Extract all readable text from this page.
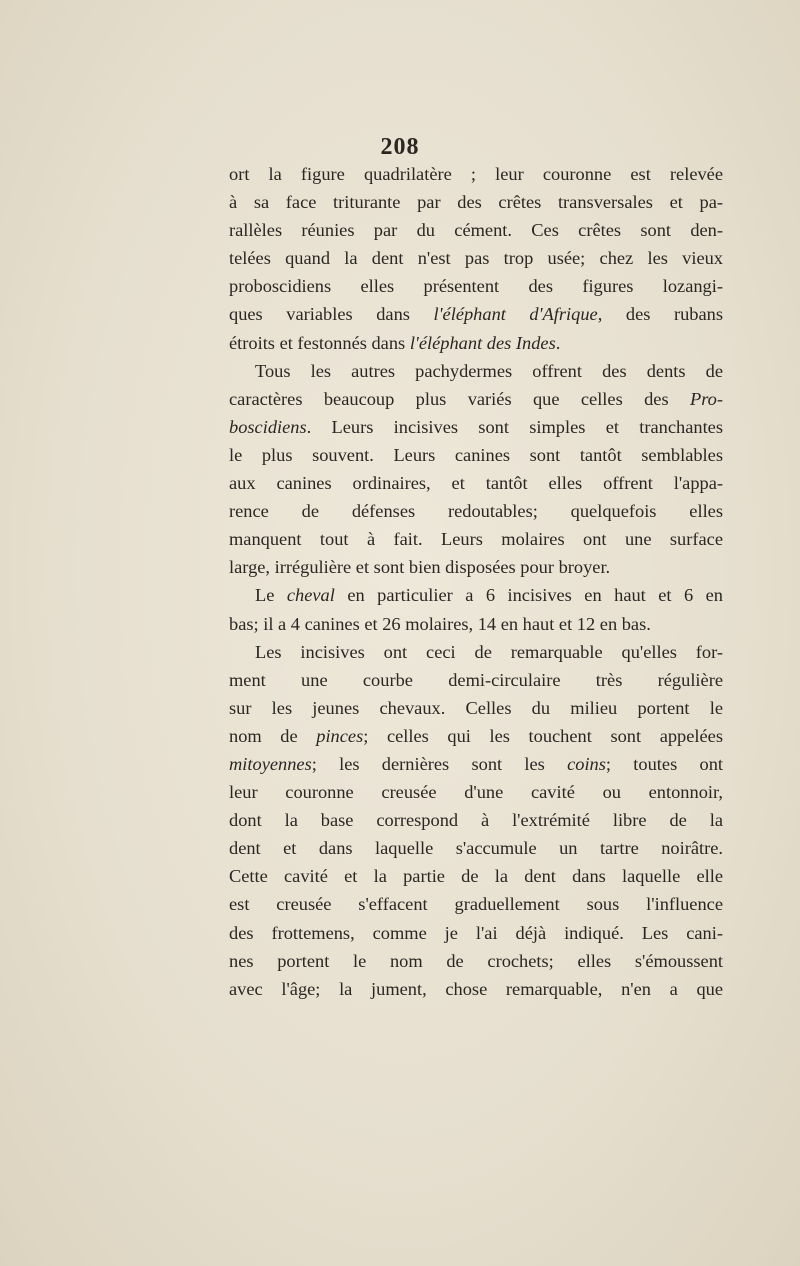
208
ort la figure quadrilatère ; leur couronne est relevée
à sa face triturante par des crêtes transversales et pa-
rallèles réunies par du cément. Ces crêtes sont den-
telées quand la dent n'est pas trop usée; chez les vieux
proboscidiens elles présentent des figures lozangi-
ques variables dans l'éléphant d'Afrique, des rubans
étroits et festonnés dans l'éléphant des Indes.
Tous les autres pachydermes offrent des dents de
caractères beaucoup plus variés que celles des Pro-
boscidiens. Leurs incisives sont simples et tranchantes
le plus souvent. Leurs canines sont tantôt semblables
aux canines ordinaires, et tantôt elles offrent l'appa-
rence de défenses redoutables; quelquefois elles
manquent tout à fait. Leurs molaires ont une surface
large, irrégulière et sont bien disposées pour broyer.
Le cheval en particulier a 6 incisives en haut et 6 en
bas; il a 4 canines et 26 molaires, 14 en haut et 12 en bas.
Les incisives ont ceci de remarquable qu'elles for-
ment une courbe demi-circulaire très régulière
sur les jeunes chevaux. Celles du milieu portent le
nom de pinces; celles qui les touchent sont appelées
mitoyennes; les dernières sont les coins; toutes ont
leur couronne creusée d'une cavité ou entonnoir,
dont la base correspond à l'extrémité libre de la
dent et dans laquelle s'accumule un tartre noirâtre.
Cette cavité et la partie de la dent dans laquelle elle
est creusée s'effacent graduellement sous l'influence
des frottemens, comme je l'ai déjà indiqué. Les cani-
nes portent le nom de crochets; elles s'émoussent
avec l'âge; la jument, chose remarquable, n'en a que
